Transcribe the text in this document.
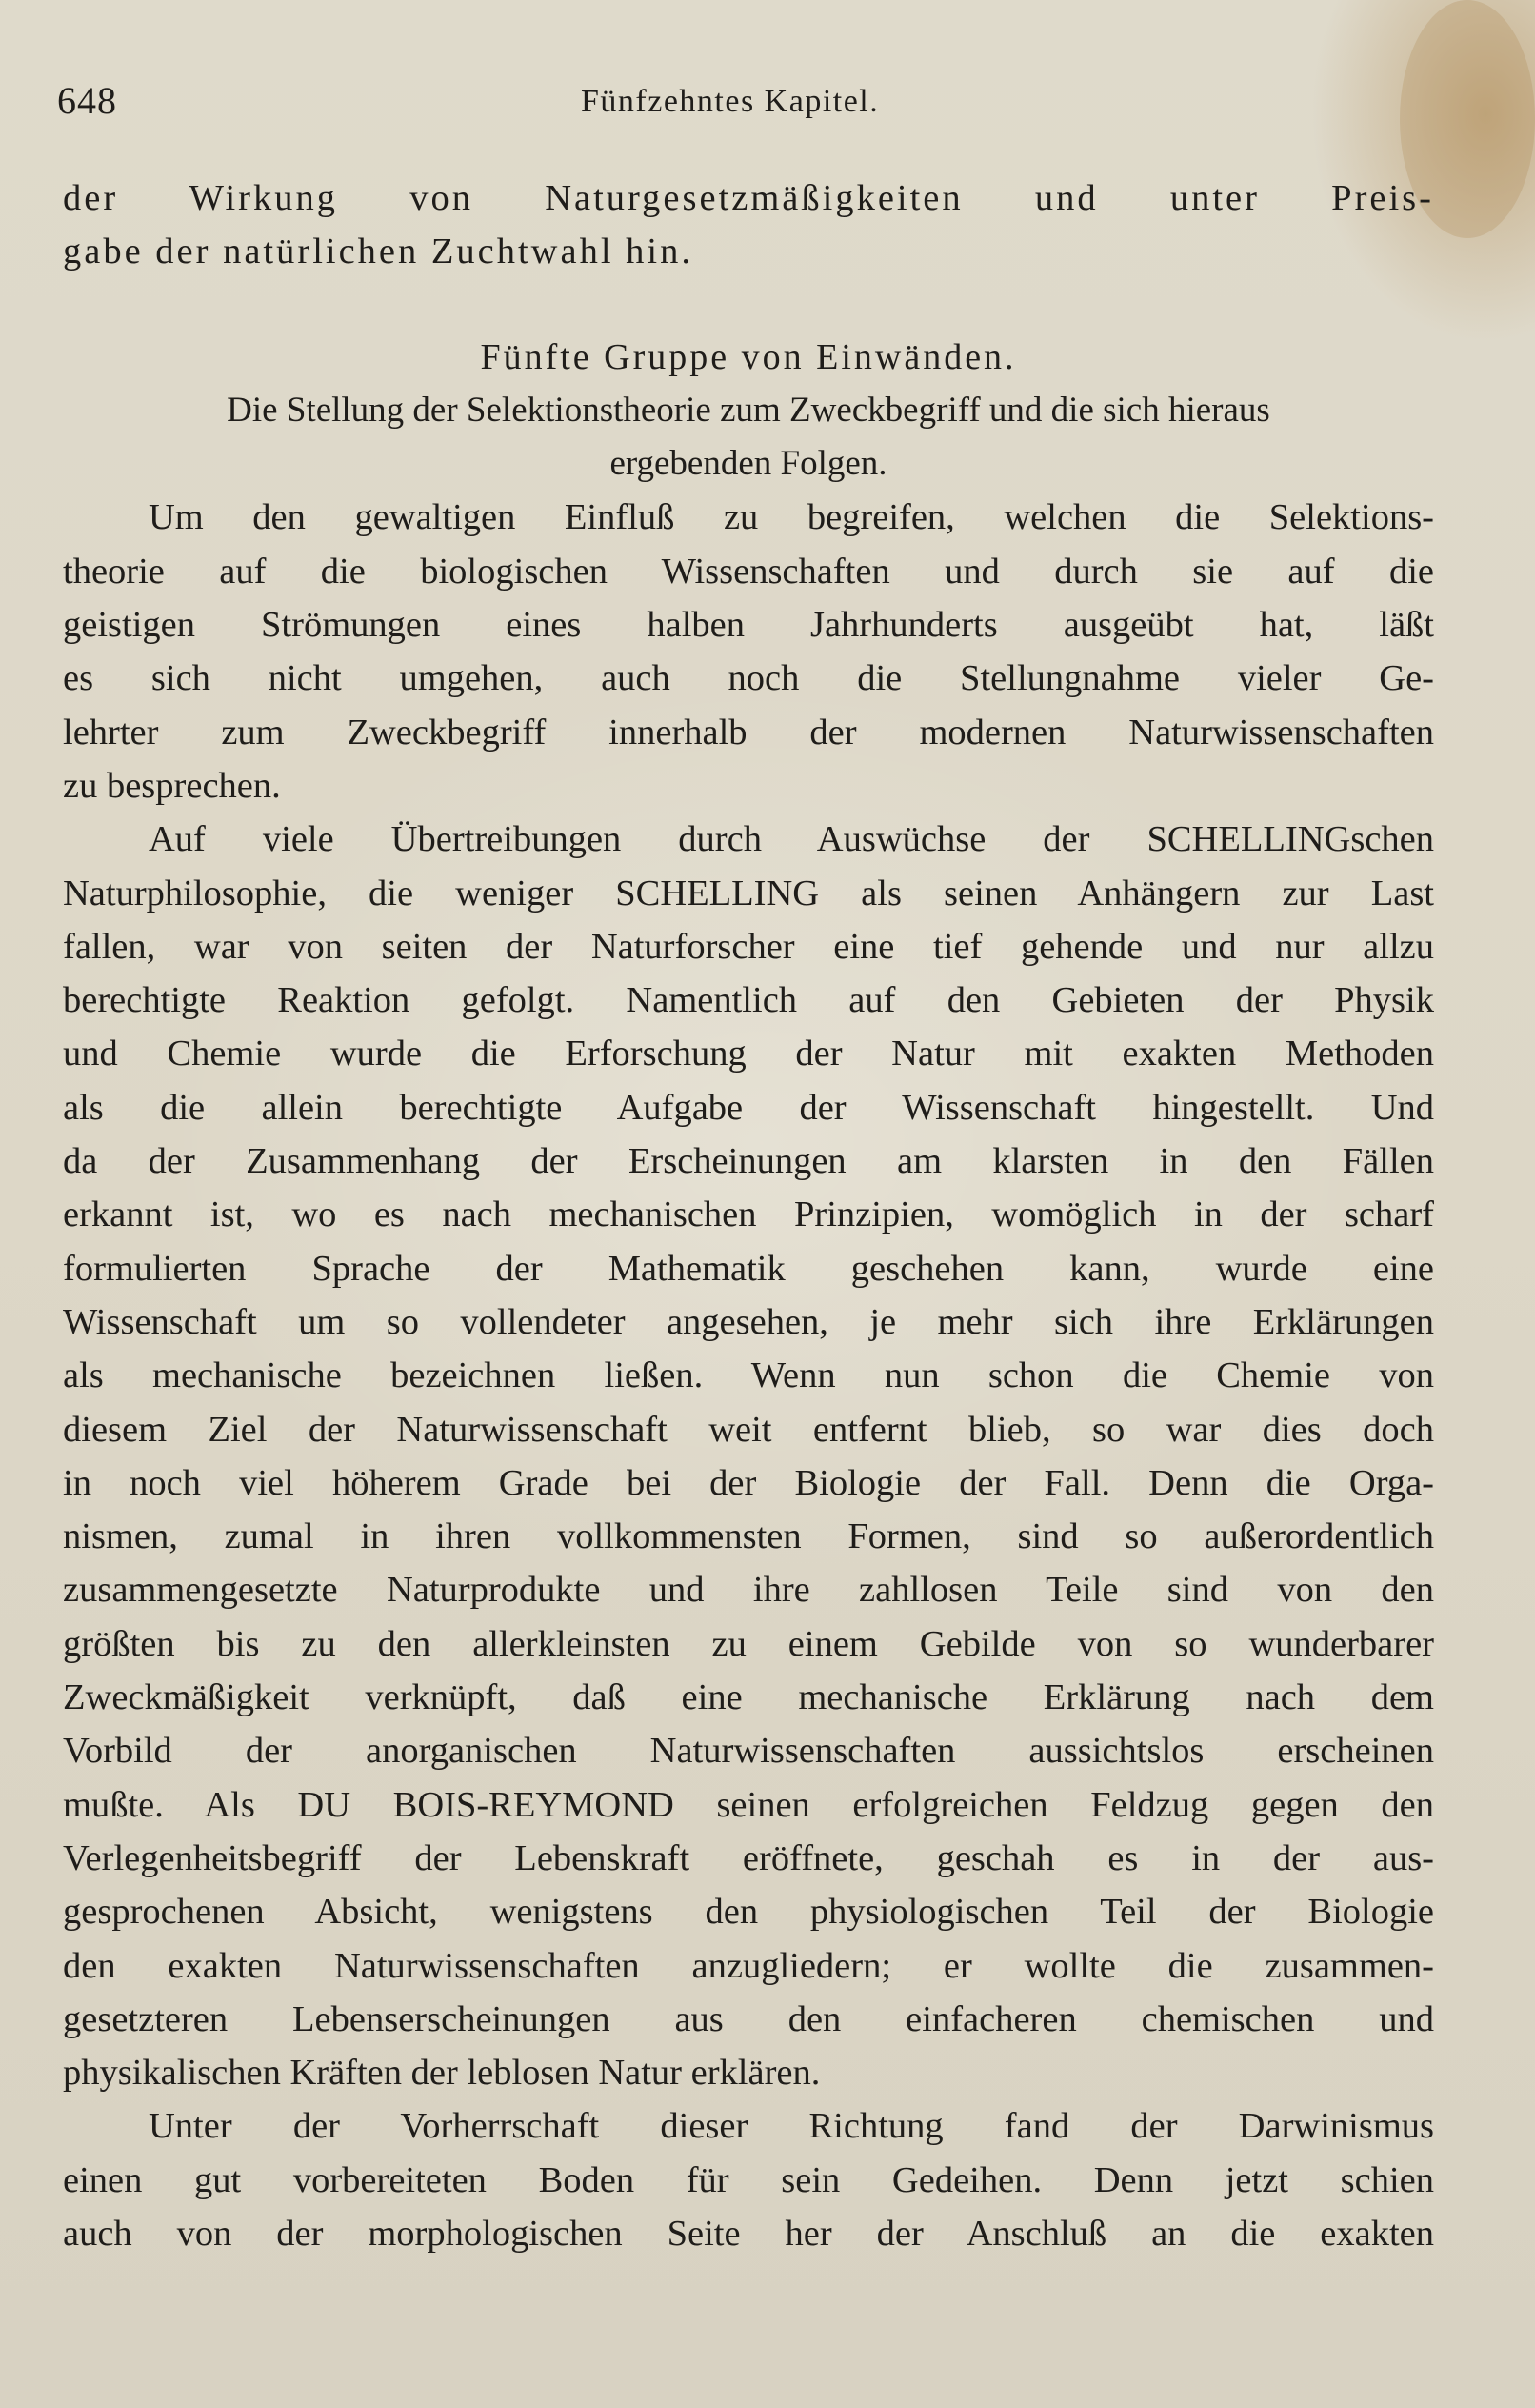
648	Fünfzehntes Kapitel.
der Wirkung von Naturgesetzmäßigkeiten und unter Preis-
gabe der natürlichen Zuchtwahl hin.
Fünfte Gruppe von Einwänden.
Die Stellung der Selektionstheorie zum Zweckbegriff und die sich hieraus
ergebenden Folgen.
Um den gewaltigen Einfluß zu begreifen, welchen die Selektions-
theorie auf die biologischen Wissenschaften und durch sie auf die
geistigen Strömungen eines halben Jahrhunderts ausgeübt hat, läßt
es sich nicht umgehen, auch noch die Stellungnahme vieler Ge-
lehrter zum Zweckbegriff innerhalb der modernen Naturwissenschaften
zu besprechen.
Auf viele Übertreibungen durch Auswüchse der SCHELLINGschen
Naturphilosophie, die weniger SCHELLING als seinen Anhängern zur Last
fallen, war von seiten der Naturforscher eine tief gehende und nur allzu
berechtigte Reaktion gefolgt. Namentlich auf den Gebieten der Physik
und Chemie wurde die Erforschung der Natur mit exakten Methoden
als die allein berechtigte Aufgabe der Wissenschaft hingestellt. Und
da der Zusammenhang der Erscheinungen am klarsten in den Fällen
erkannt ist, wo es nach mechanischen Prinzipien, womöglich in der scharf
formulierten Sprache der Mathematik geschehen kann, wurde eine
Wissenschaft um so vollendeter angesehen, je mehr sich ihre Erklärungen
als mechanische bezeichnen ließen. Wenn nun schon die Chemie von
diesem Ziel der Naturwissenschaft weit entfernt blieb, so war dies doch
in noch viel höherem Grade bei der Biologie der Fall. Denn die Orga-
nismen, zumal in ihren vollkommensten Formen, sind so außerordentlich
zusammengesetzte Naturprodukte und ihre zahllosen Teile sind von den
größten bis zu den allerkleinsten zu einem Gebilde von so wunderbarer
Zweckmäßigkeit verknüpft, daß eine mechanische Erklärung nach dem
Vorbild der anorganischen Naturwissenschaften aussichtslos erscheinen
mußte. Als DU BOIS-REYMOND seinen erfolgreichen Feldzug gegen den
Verlegenheitsbegriff der Lebenskraft eröffnete, geschah es in der aus-
gesprochenen Absicht, wenigstens den physiologischen Teil der Biologie
den exakten Naturwissenschaften anzugliedern; er wollte die zusammen-
gesetzteren Lebenserscheinungen aus den einfacheren chemischen und
physikalischen Kräften der leblosen Natur erklären.
Unter der Vorherrschaft dieser Richtung fand der Darwinismus
einen gut vorbereiteten Boden für sein Gedeihen. Denn jetzt schien
auch von der morphologischen Seite her der Anschluß an die exakten
